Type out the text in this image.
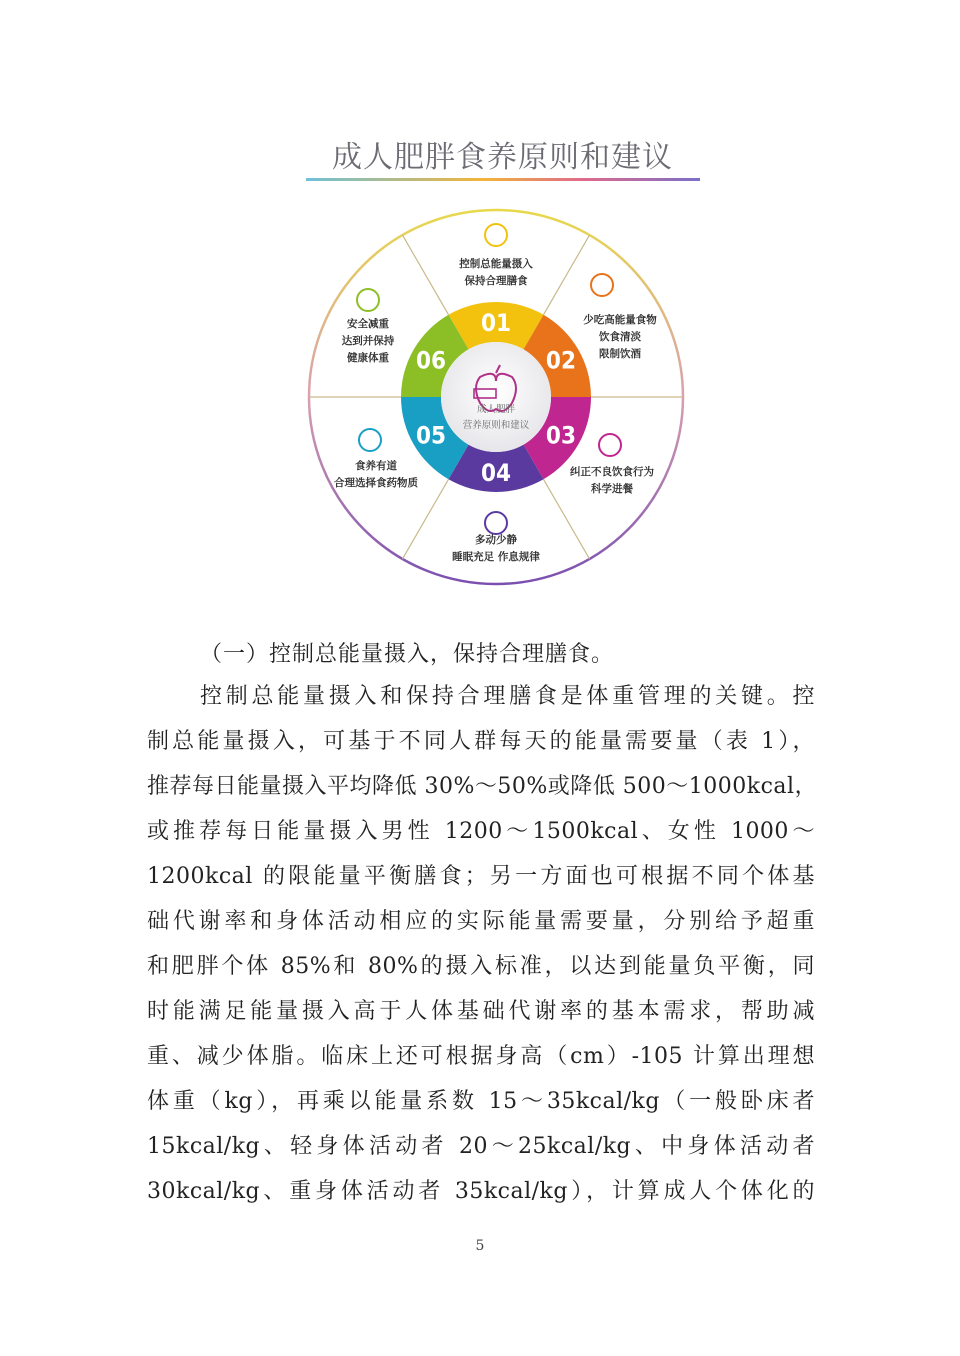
成人肥胖食养原则和建议
01
控制总能量摄入
保持合理膳食
02
少吃高能量食物
饮食清淡
限制饮酒
03
纠正不良饮食行为
科学进餐
04
多动少静
睡眠充足 作息规律
05
食养有道
合理选择食药物质
06
安全减重
达到并保持
健康体重
成人肥胖
营养原则和建议
（一）控制总能量摄入，保持合理膳食。
控制总能量摄入和保持合理膳食是体重管理的关键。控
制总能量摄入，可基于不同人群每天的能量需要量（表 1），
推荐每日能量摄入平均降低 30%～50%或降低 500～1000kcal，
或推荐每日能量摄入男性 1200～1500kcal、女性 1000～
1200kcal 的限能量平衡膳食；另一方面也可根据不同个体基
础代谢率和身体活动相应的实际能量需要量，分别给予超重
和肥胖个体 85%和 80%的摄入标准，以达到能量负平衡，同
时能满足能量摄入高于人体基础代谢率的基本需求，帮助减
重、减少体脂。临床上还可根据身高（cm）-105 计算出理想
体重（kg），再乘以能量系数 15～35kcal/kg（一般卧床者
15kcal/kg、轻身体活动者 20～25kcal/kg、中身体活动者
30kcal/kg、重身体活动者 35kcal/kg），计算成人个体化的
5
